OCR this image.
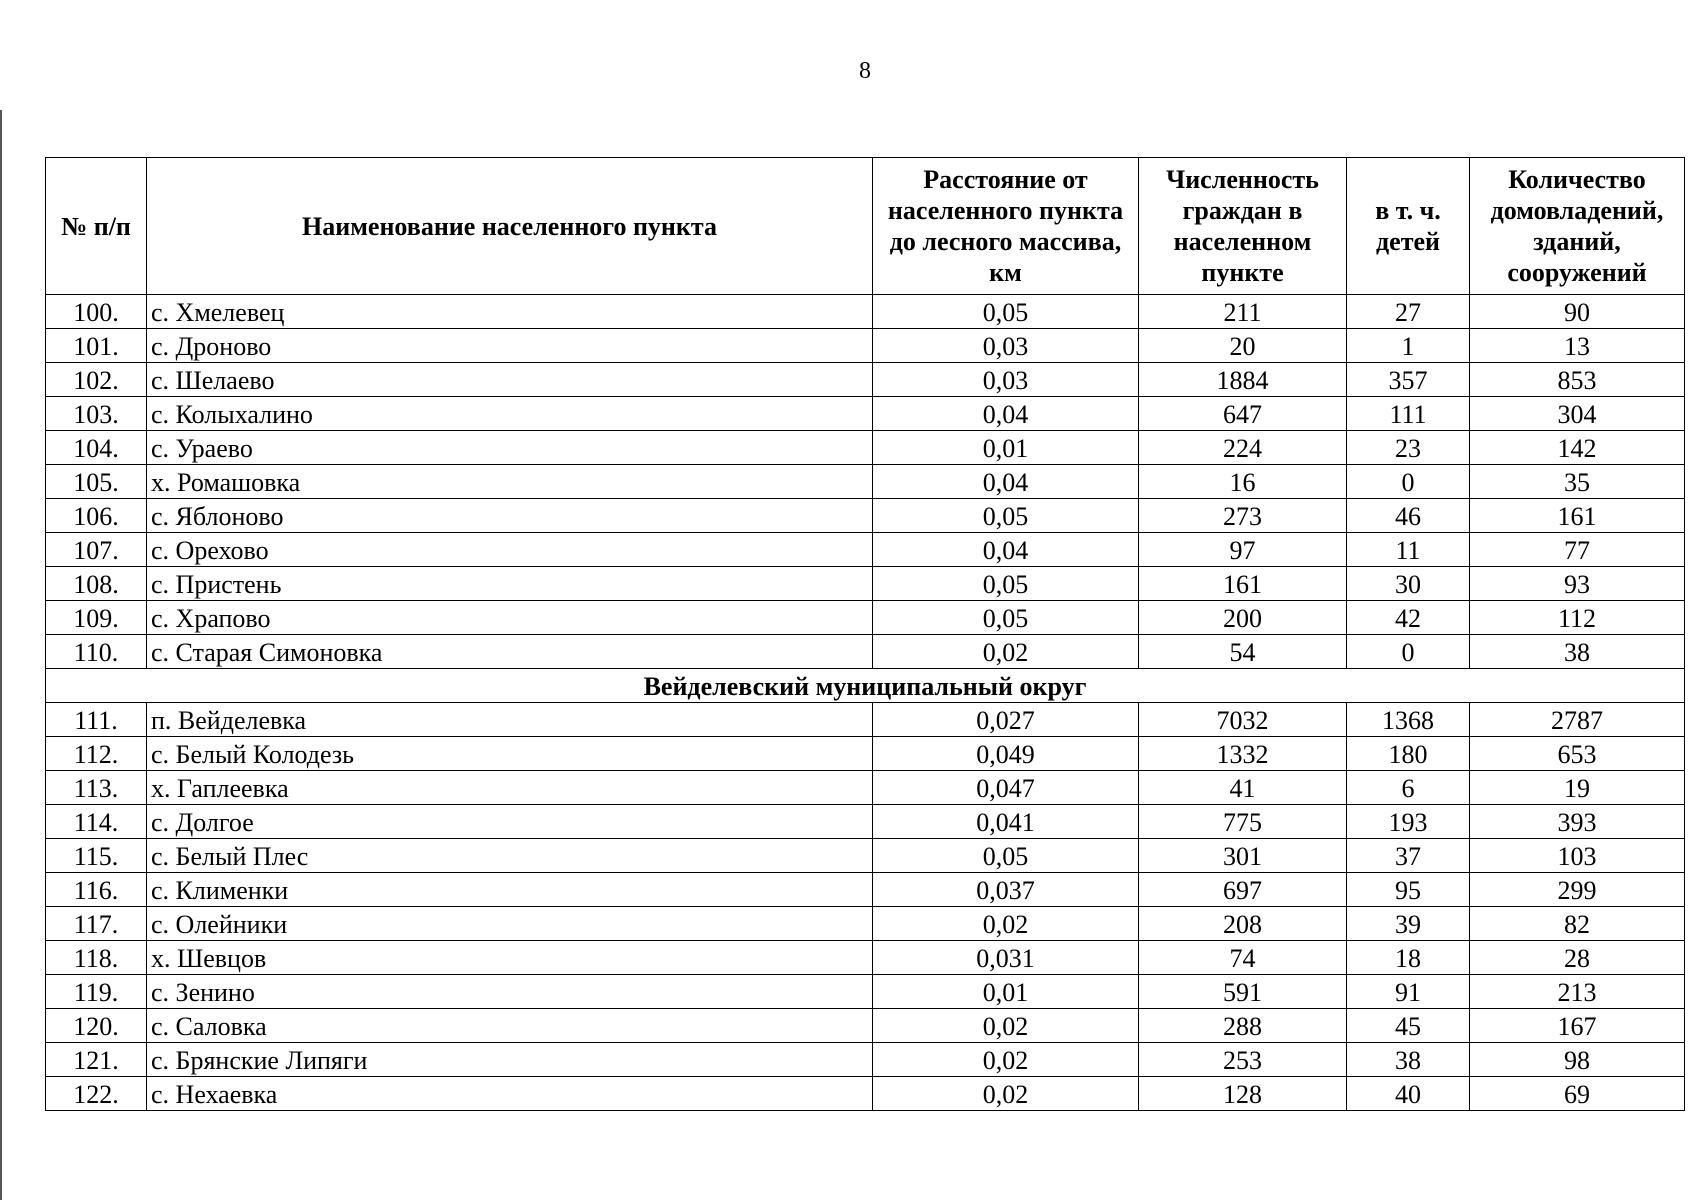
8
№ п/п	Наименование населенного пункта	Расстояние от населенного пункта до лесного массива, км	Численность граждан в населенном пункте	в т. ч. детей	Количество домовладений, зданий, сооружений
100.	с. Хмелевец	0,05	211	27	90
101.	с. Дроново	0,03	20	1	13
102.	с. Шелаево	0,03	1884	357	853
103.	с. Колыхалино	0,04	647	111	304
104.	с. Ураево	0,01	224	23	142
105.	х. Ромашовка	0,04	16	0	35
106.	с. Яблоново	0,05	273	46	161
107.	с. Орехово	0,04	97	11	77
108.	с. Пристень	0,05	161	30	93
109.	с. Храпово	0,05	200	42	112
110.	с. Старая Симоновка	0,02	54	0	38
Вейделевский муниципальный округ					
111.	п. Вейделевка	0,027	7032	1368	2787
112.	с. Белый Колодезь	0,049	1332	180	653
113.	х. Гаплеевка	0,047	41	6	19
114.	с. Долгое	0,041	775	193	393
115.	с. Белый Плес	0,05	301	37	103
116.	с. Клименки	0,037	697	95	299
117.	с. Олейники	0,02	208	39	82
118.	х. Шевцов	0,031	74	18	28
119.	с. Зенино	0,01	591	91	213
120.	с. Саловка	0,02	288	45	167
121.	с. Брянские Липяги	0,02	253	38	98
122.	с. Нехаевка	0,02	128	40	69
